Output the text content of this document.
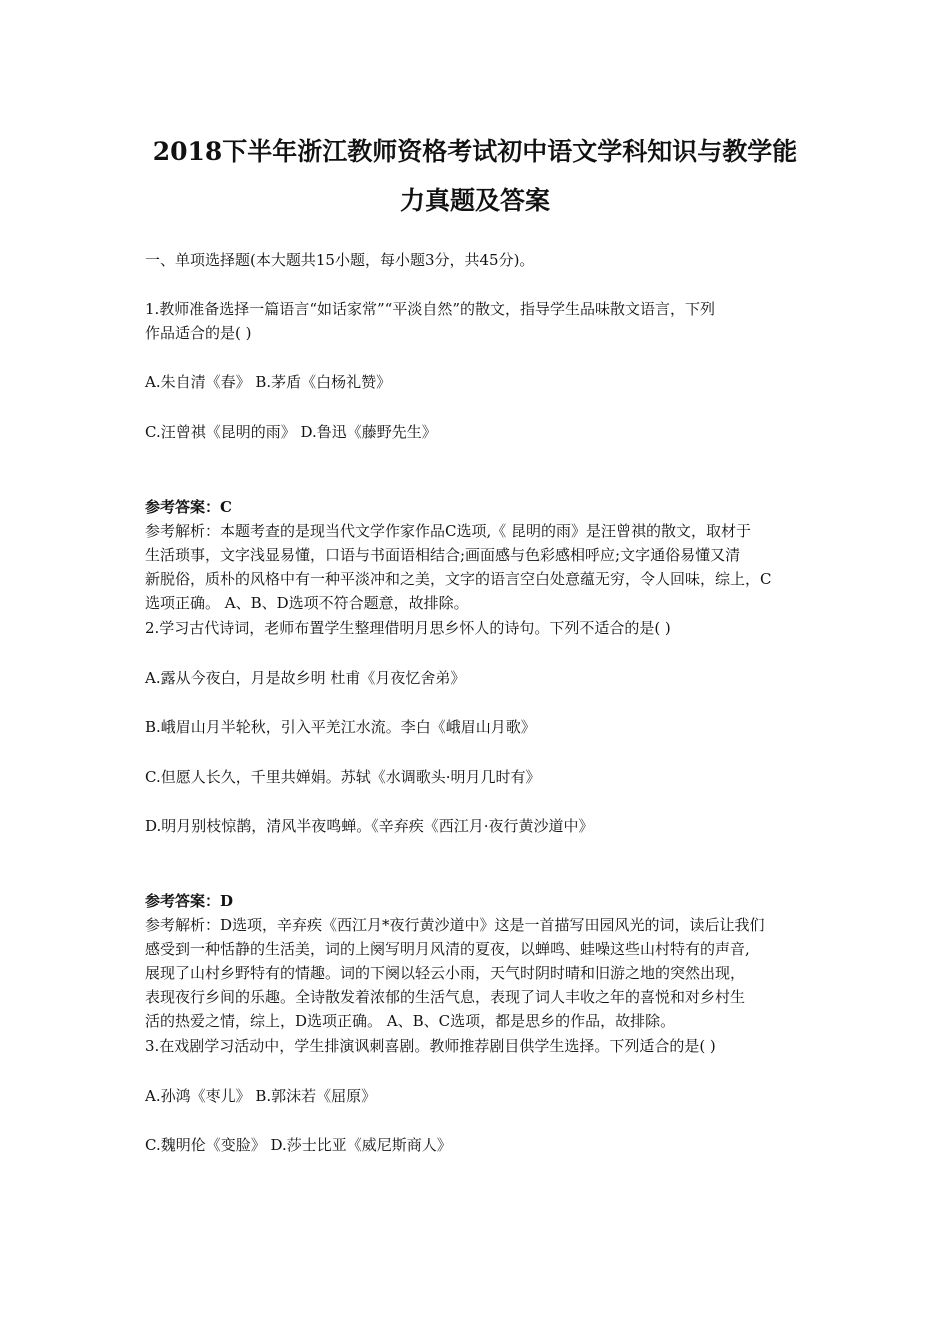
2018下半年浙江教师资格考试初中语文学科知识与教学能
力真题及答案
一、单项选择题(本大题共15小题，每小题3分，共45分)。
1.教师准备选择一篇语言“如话家常”“平淡自然”的散文，指导学生品味散文语言，下列
作品适合的是( )
A.朱自清《春》 B.茅盾《白杨礼赞》
C.汪曾祺《昆明的雨》 D.鲁迅《藤野先生》
参考答案：C
参考解析：本题考查的是现当代文学作家作品C选项,《 昆明的雨》是汪曾祺的散文，取材于
生活琐事，文字浅显易懂，口语与书面语相结合;画面感与色彩感相呼应;文字通俗易懂又清
新脱俗，质朴的风格中有一种平淡冲和之美，文字的语言空白处意蕴无穷，令人回味，综上，C
选项正确。 A、B、D选项不符合题意，故排除。
2.学习古代诗词，老师布置学生整理借明月思乡怀人的诗句。下列不适合的是( )
A.露从今夜白，月是故乡明 杜甫《月夜忆舍弟》
B.峨眉山月半轮秋，引入平羌江水流。李白《峨眉山月歌》
C.但愿人长久，千里共婵娟。苏轼《水调歌头·明月几时有》
D.明月别枝惊鹊，清风半夜鸣蝉。《辛弃疾《西江月·夜行黄沙道中》
参考答案：D
参考解析：D选项，辛弃疾《西江月*夜行黄沙道中》这是一首描写田园风光的词，读后让我们
感受到一种恬静的生活美，词的上阕写明月风清的夏夜，以蝉鸣、蛙噪这些山村特有的声音,
展现了山村乡野特有的情趣。词的下阕以轻云小雨，天气时阴时晴和旧游之地的突然出现，
表现夜行乡间的乐趣。全诗散发着浓郁的生活气息，表现了词人丰收之年的喜悦和对乡村生
活的热爱之情，综上，D选项正确。 A、B、C选项，都是思乡的作品，故排除。
3.在戏剧学习活动中，学生排演讽刺喜剧。教师推荐剧目供学生选择。下列适合的是( )
A.孙鸿《枣儿》 B.郭沫若《屈原》
C.魏明伦《变脸》 D.莎士比亚《威尼斯商人》
